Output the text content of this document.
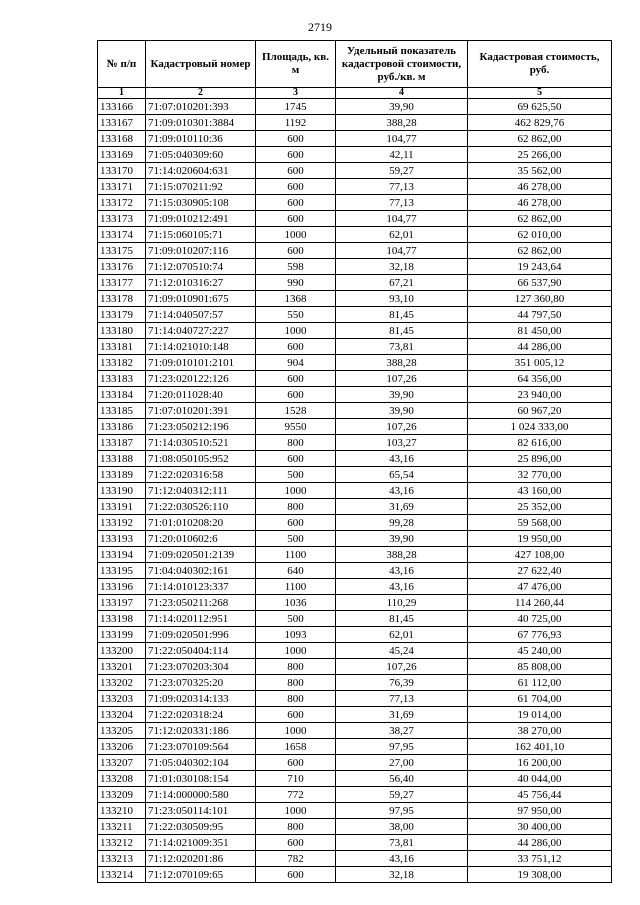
2719
№ п/п	Кадастровый номер	Площадь, кв. м	Удельный показатель кадастровой стоимости, руб./кв. м	Кадастровая стоимость, руб.
1	2	3	4	5
133166	71:07:010201:393	1745	39,90	69 625,50
133167	71:09:010301:3884	1192	388,28	462 829,76
133168	71:09:010110:36	600	104,77	62 862,00
133169	71:05:040309:60	600	42,11	25 266,00
133170	71:14:020604:631	600	59,27	35 562,00
133171	71:15:070211:92	600	77,13	46 278,00
133172	71:15:030905:108	600	77,13	46 278,00
133173	71:09:010212:491	600	104,77	62 862,00
133174	71:15:060105:71	1000	62,01	62 010,00
133175	71:09:010207:116	600	104,77	62 862,00
133176	71:12:070510:74	598	32,18	19 243,64
133177	71:12:010316:27	990	67,21	66 537,90
133178	71:09:010901:675	1368	93,10	127 360,80
133179	71:14:040507:57	550	81,45	44 797,50
133180	71:14:040727:227	1000	81,45	81 450,00
133181	71:14:021010:148	600	73,81	44 286,00
133182	71:09:010101:2101	904	388,28	351 005,12
133183	71:23:020122:126	600	107,26	64 356,00
133184	71:20:011028:40	600	39,90	23 940,00
133185	71:07:010201:391	1528	39,90	60 967,20
133186	71:23:050212:196	9550	107,26	1 024 333,00
133187	71:14:030510:521	800	103,27	82 616,00
133188	71:08:050105:952	600	43,16	25 896,00
133189	71:22:020316:58	500	65,54	32 770,00
133190	71:12:040312:111	1000	43,16	43 160,00
133191	71:22:030526:110	800	31,69	25 352,00
133192	71:01:010208:20	600	99,28	59 568,00
133193	71:20:010602:6	500	39,90	19 950,00
133194	71:09:020501:2139	1100	388,28	427 108,00
133195	71:04:040302:161	640	43,16	27 622,40
133196	71:14:010123:337	1100	43,16	47 476,00
133197	71:23:050211:268	1036	110,29	114 260,44
133198	71:14:020112:951	500	81,45	40 725,00
133199	71:09:020501:996	1093	62,01	67 776,93
133200	71:22:050404:114	1000	45,24	45 240,00
133201	71:23:070203:304	800	107,26	85 808,00
133202	71:23:070325:20	800	76,39	61 112,00
133203	71:09:020314:133	800	77,13	61 704,00
133204	71:22:020318:24	600	31,69	19 014,00
133205	71:12:020331:186	1000	38,27	38 270,00
133206	71:23:070109:564	1658	97,95	162 401,10
133207	71:05:040302:104	600	27,00	16 200,00
133208	71:01:030108:154	710	56,40	40 044,00
133209	71:14:000000:580	772	59,27	45 756,44
133210	71:23:050114:101	1000	97,95	97 950,00
133211	71:22:030509:95	800	38,00	30 400,00
133212	71:14:021009:351	600	73,81	44 286,00
133213	71:12:020201:86	782	43,16	33 751,12
133214	71:12:070109:65	600	32,18	19 308,00
